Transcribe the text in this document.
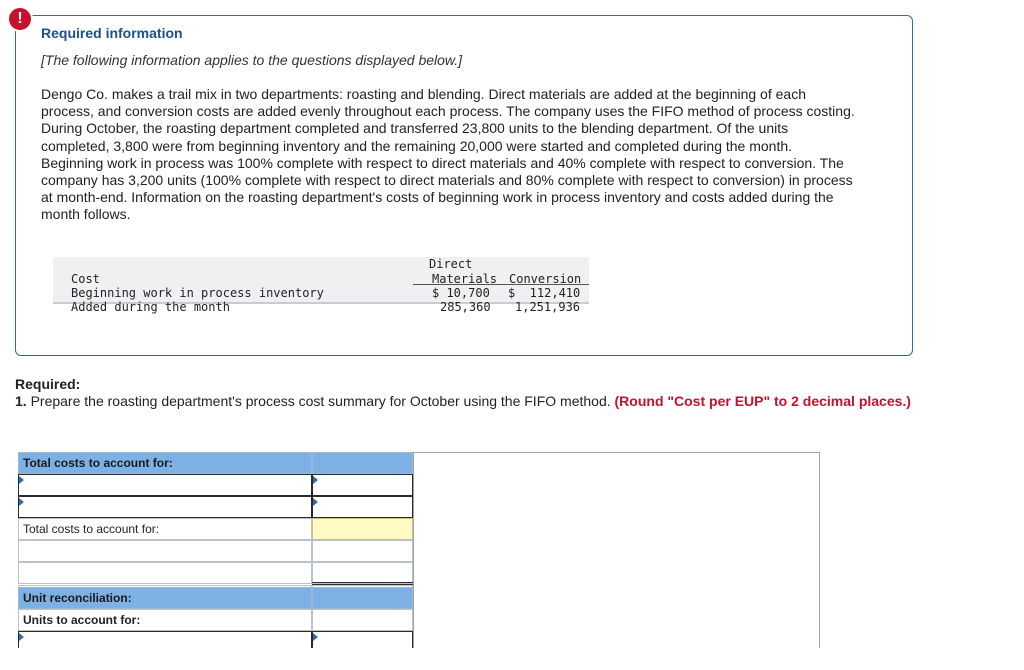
!
Required information
[The following information applies to the questions displayed below.]
Dengo Co. makes a trail mix in two departments: roasting and blending. Direct materials are added at the beginning of each process, and conversion costs are added evenly throughout each process. The company uses the FIFO method of process costing. During October, the roasting department completed and transferred 23,800 units to the blending department. Of the units completed, 3,800 were from beginning inventory and the remaining 20,000 were started and completed during the month. Beginning work in process was 100% complete with respect to direct materials and 40% complete with respect to conversion. The company has 3,200 units (100% complete with respect to direct materials and 80% complete with respect to conversion) in process at month-end. Information on the roasting department's costs of beginning work in process inventory and costs added during the month follows.
Direct
Materials Conversion
Cost
Beginning work in process inventory	$ 10,700 $  112,410
Added during the month	285,360 1,251,936
Required:
1. Prepare the roasting department's process cost summary for October using the FIFO method. (Round "Cost per EUP" to 2 decimal places.)
Total costs to account for:
Total costs to account for:
Unit reconciliation:
Units to account for:
